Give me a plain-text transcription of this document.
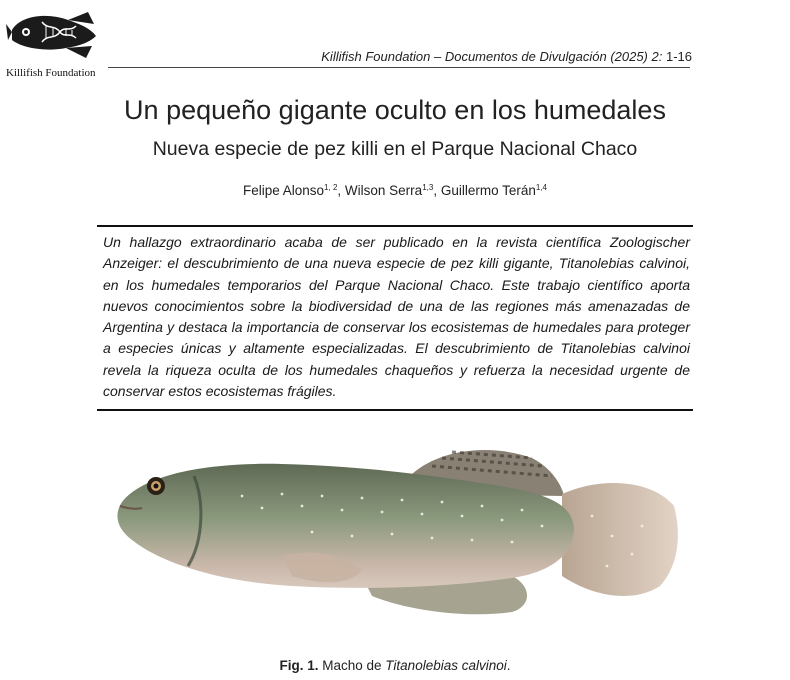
Killifish Foundation
Killifish Foundation – Documentos de Divulgación (2025) 2: 1-16
Un pequeño gigante oculto en los humedales
Nueva especie de pez killi en el Parque Nacional Chaco
Felipe Alonso$^{1, 2}$, Wilson Serra$^{1,3}$, Guillermo Terán$^{1,4}$

Un hallazgo extraordinario acaba de ser publicado en la revista científica Zoologischer Anzeiger: el descubrimiento de una nueva especie de pez killi gigante, Titanolebias calvinoi, en los humedales temporarios del Parque Nacional Chaco. Este trabajo científico aporta nuevos conocimientos sobre la biodiversidad de una de las regiones más amenazadas de Argentina y destaca la importancia de conservar los ecosistemas de humedales para proteger a especies únicas y altamente especializadas. El descubrimiento de Titanolebias calvinoi revela la riqueza oculta de los humedales chaqueños y refuerza la necesidad urgente de conservar estos ecosistemas frágiles.

Fig. 1. Macho de Titanolebias calvinoi.
